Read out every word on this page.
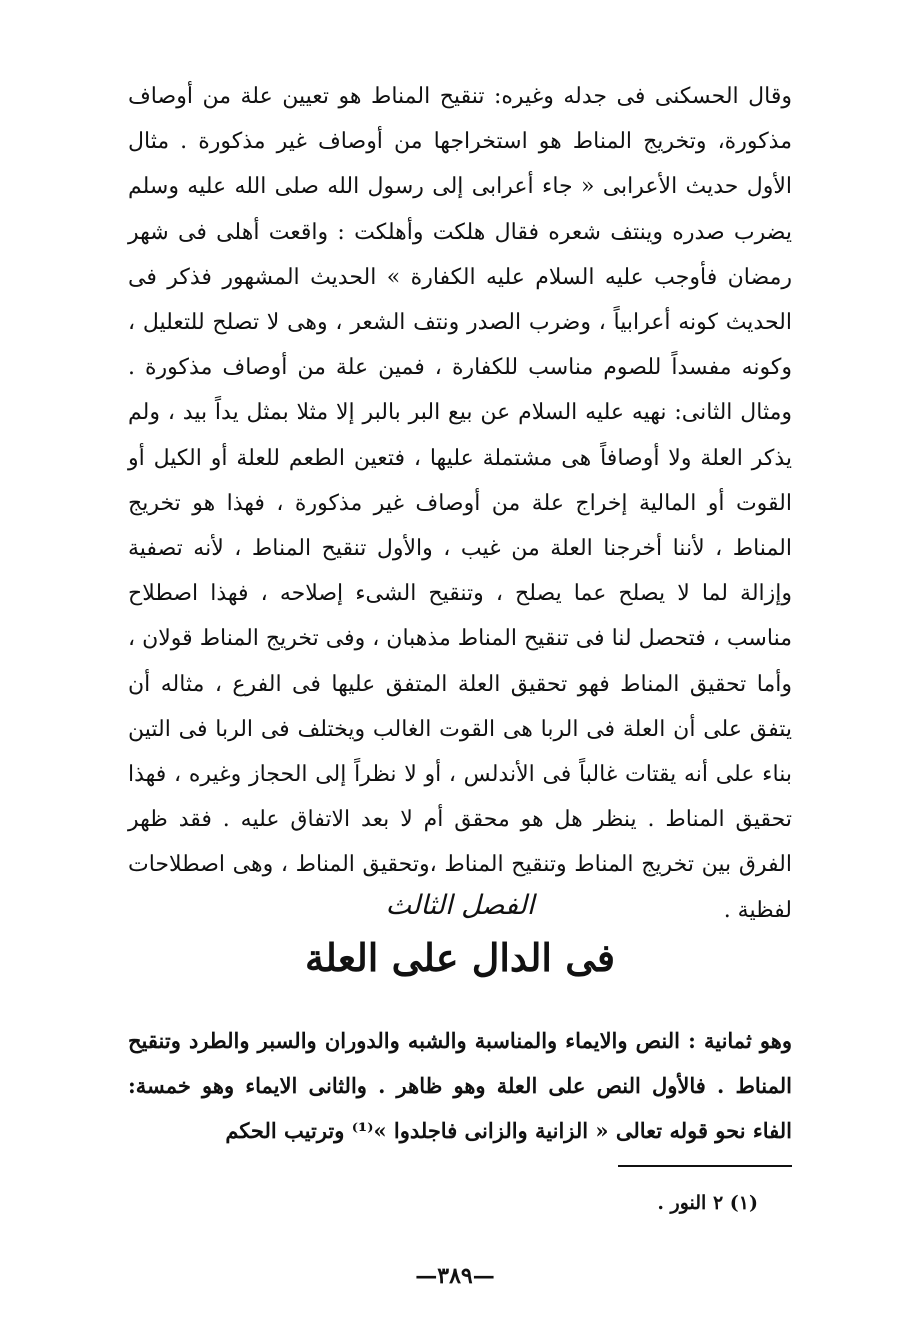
وقال الحسكنى فى جدله وغيره: تنقيح المناط هو تعيين علة من أوصاف مذكورة، وتخريج المناط هو استخراجها من أوصاف غير مذكورة . مثال الأول حديث الأعرابى « جاء أعرابى إلى رسول الله صلى الله عليه وسلم يضرب صدره وينتف شعره فقال هلكت وأهلكت : واقعت أهلى فى شهر رمضان فأوجب عليه السلام عليه الكفارة » الحديث المشهور فذكر فى الحديث كونه أعرابياً ، وضرب الصدر ونتف الشعر ، وهى لا تصلح للتعليل ، وكونه مفسداً للصوم مناسب للكفارة ، فمين علة من أوصاف مذكورة . ومثال الثانى: نهيه عليه السلام عن بيع البر بالبر إلا مثلا بمثل يداً بيد ، ولم يذكر العلة ولا أوصافاً هى مشتملة عليها ، فتعين الطعم للعلة أو الكيل أو القوت أو المالية إخراج علة من أوصاف غير مذكورة ، فهذا هو تخريج المناط ، لأننا أخرجنا العلة من غيب ، والأول تنقيح المناط ، لأنه تصفية وإزالة لما لا يصلح عما يصلح ، وتنقيح الشىء إصلاحه ، فهذا اصطلاح مناسب ، فتحصل لنا فى تنقيح المناط مذهبان ، وفى تخريج المناط قولان ، وأما تحقيق المناط فهو تحقيق العلة المتفق عليها فى الفرع ، مثاله أن يتفق على أن العلة فى الربا هى القوت الغالب ويختلف فى الربا فى التين بناء على أنه يقتات غالباً فى الأندلس ، أو لا نظراً إلى الحجاز وغيره ، فهذا تحقيق المناط . ينظر هل هو محقق أم لا بعد الاتفاق عليه . فقد ظهر الفرق بين تخريج المناط وتنقيح المناط ،وتحقيق المناط ، وهى اصطلاحات لفظية .

الفصل الثالث
فى الدال على العلة

وهو ثمانية : النص والايماء والمناسبة والشبه والدوران والسبر والطرد وتنقيح المناط . فالأول النص على العلة وهو ظاهر . والثانى الايماء وهو خمسة: الفاء نحو قوله تعالى « الزانية والزانى فاجلدوا »⁽¹⁾ وترتيب الحكم

(١) ٢ النور .
—٣٨٩—
